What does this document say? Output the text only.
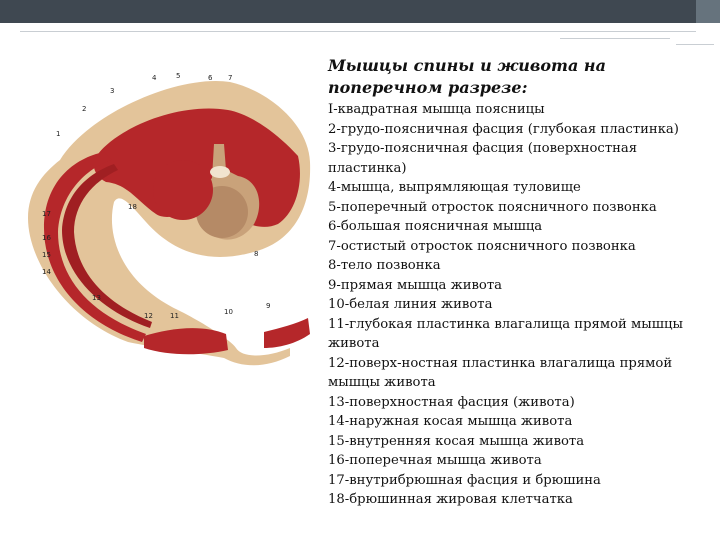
1
2
3
4	5	6 7
8
9
10
11
12
13
14
15
16
17
18
Мышцы спины и живота на поперечном разрезе:
I-квадратная мышца поясницы
2-грудо-поясничная фасция (глубокая пластинка)
3-грудо-поясничная фасция (поверхностная пластинка)
4-мышца, выпрямляющая туловище
5-поперечный отросток поясничного позвонка
6-большая поясничная мышца
7-остистый отросток поясничного позвонка
8-тело позвонка
9-прямая мышца живота
10-белая линия живота
11-глубокая пластинка влагалища прямой мышцы живота
12-поверх-ностная пластинка влагалища прямой мышцы живота
13-поверхностная фасция (живота)
14-наружная косая мышца живота
15-внутренняя косая мышца живота
16-поперечная мышца живота
17-внутрибрюшная фасция и брюшина
18-брюшинная жировая клетчатка
